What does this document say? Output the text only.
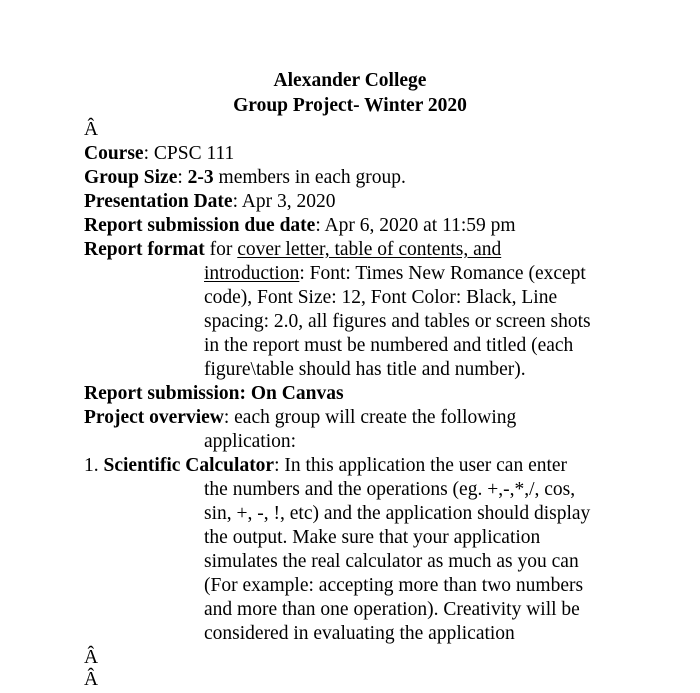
Alexander College
Group Project- Winter 2020
Â
Course: CPSC 111
Group Size: 2-3 members in each group.
Presentation Date: Apr 3, 2020
Report submission due date: Apr 6, 2020 at 11:59 pm
Report format for cover letter, table of contents, and
introduction: Font: Times New Romance (except
code), Font Size: 12, Font Color: Black, Line
spacing: 2.0, all figures and tables or screen shots
in the report must be numbered and titled (each
figure\table should has title and number).
Report submission: On Canvas
Project overview: each group will create the following
application:
1. Scientific Calculator: In this application the user can enter
the numbers and the operations (eg. +,-,*,/, cos,
sin, +, -, !, etc) and the application should display
the output. Make sure that your application
simulates the real calculator as much as you can
(For example: accepting more than two numbers
and more than one operation). Creativity will be
considered in evaluating the application
Â
Â
